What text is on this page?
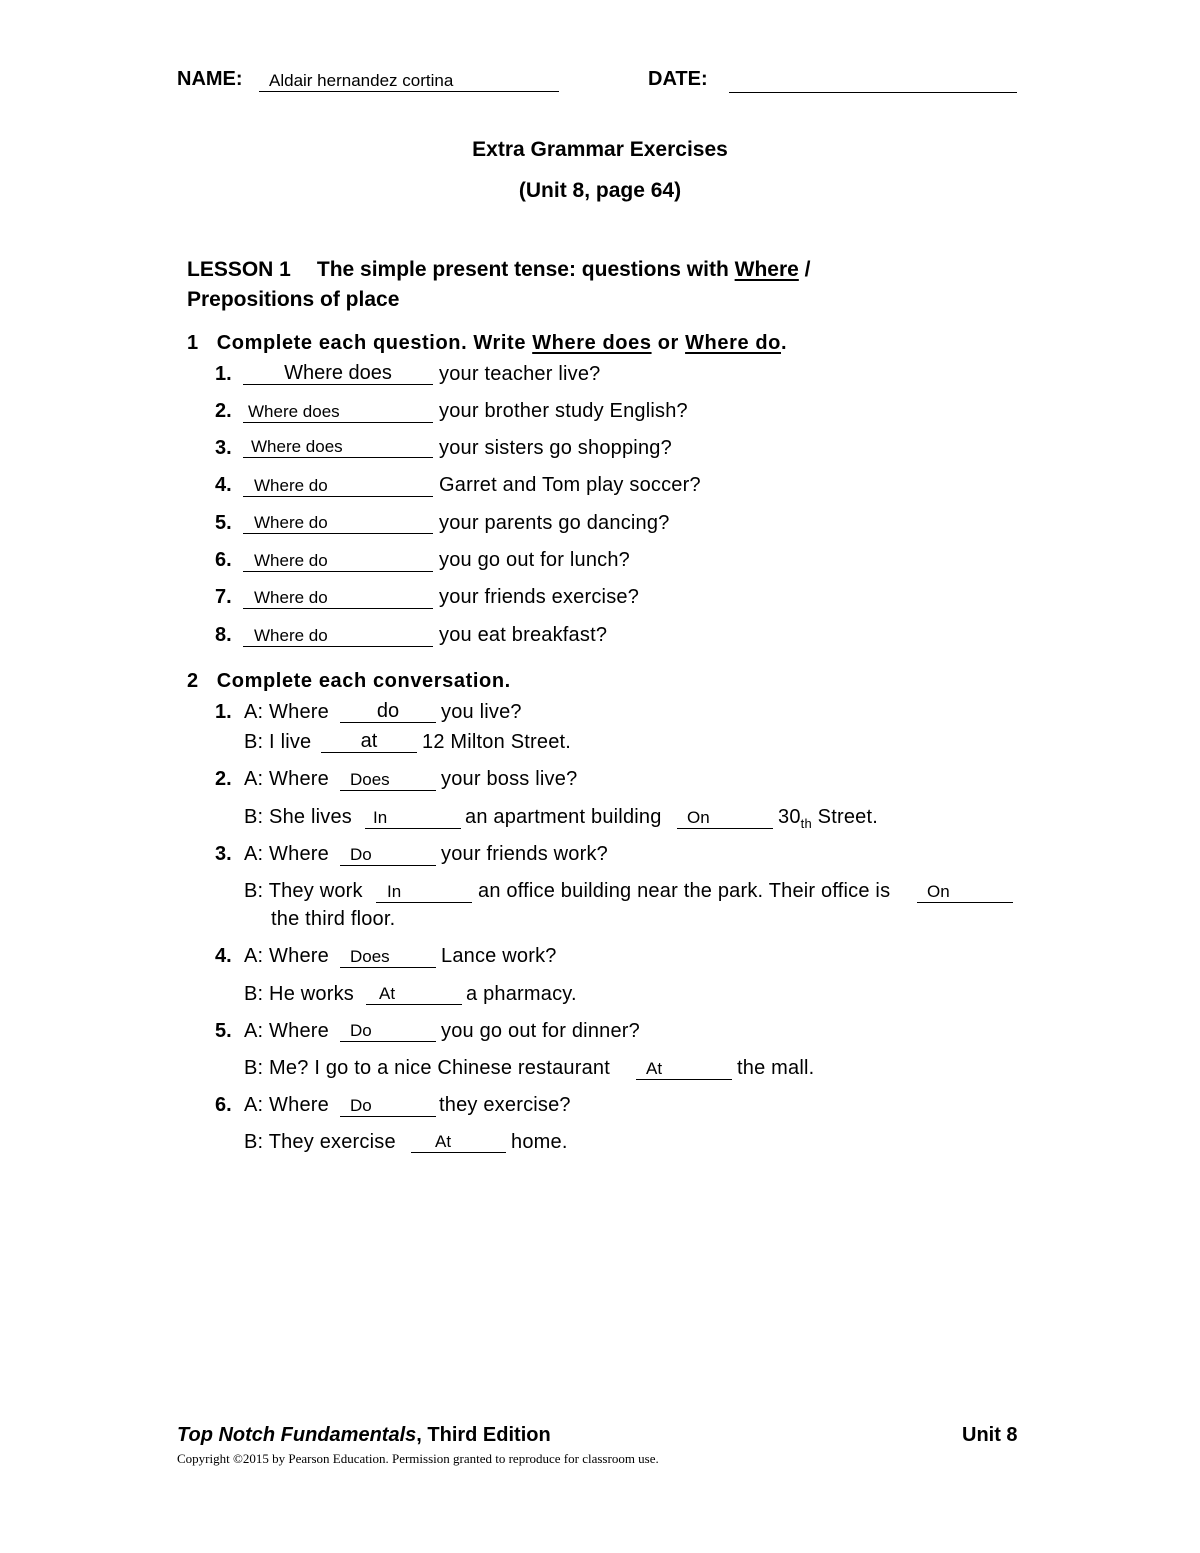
NAME:	Aldair hernandez cortina	DATE:
Extra Grammar Exercises
(Unit 8, page 64)
LESSON 1 The simple present tense: questions with Where /
Prepositions of place
1 Complete each question. Write Where does or Where do.
1.	Where does	your teacher live?
2. Where does	your brother study English?
3.	Where does	your sisters go shopping?
4.	Where do	Garret and Tom play soccer?
5.	Where do	your parents go dancing?
6.	Where do	you go out for lunch?
7.	Where do	your friends exercise?
8.	Where do	you eat breakfast?
2 Complete each conversation.
1. A: Where	do	you live?
B: I live	at	12 Milton Street.
2. A: Where	Does	your boss live?
B: She lives	In	an apartment building	On	$30_{th}$ Street.
3. A: Where	Do	your friends work?
B: They work	In	an office building near the park. Their office is	On
the third floor.
4. A: Where	Does	Lance work?
B: He works	At	a pharmacy.
5. A: Where	Do	you go out for dinner?
B: Me? I go to a nice Chinese restaurant	At	the mall.
6. A: Where	Do	they exercise?
B: They exercise	At	home.
Top Notch Fundamentals, Third Edition	Unit 8
Copyright ©2015 by Pearson Education. Permission granted to reproduce for classroom use.
